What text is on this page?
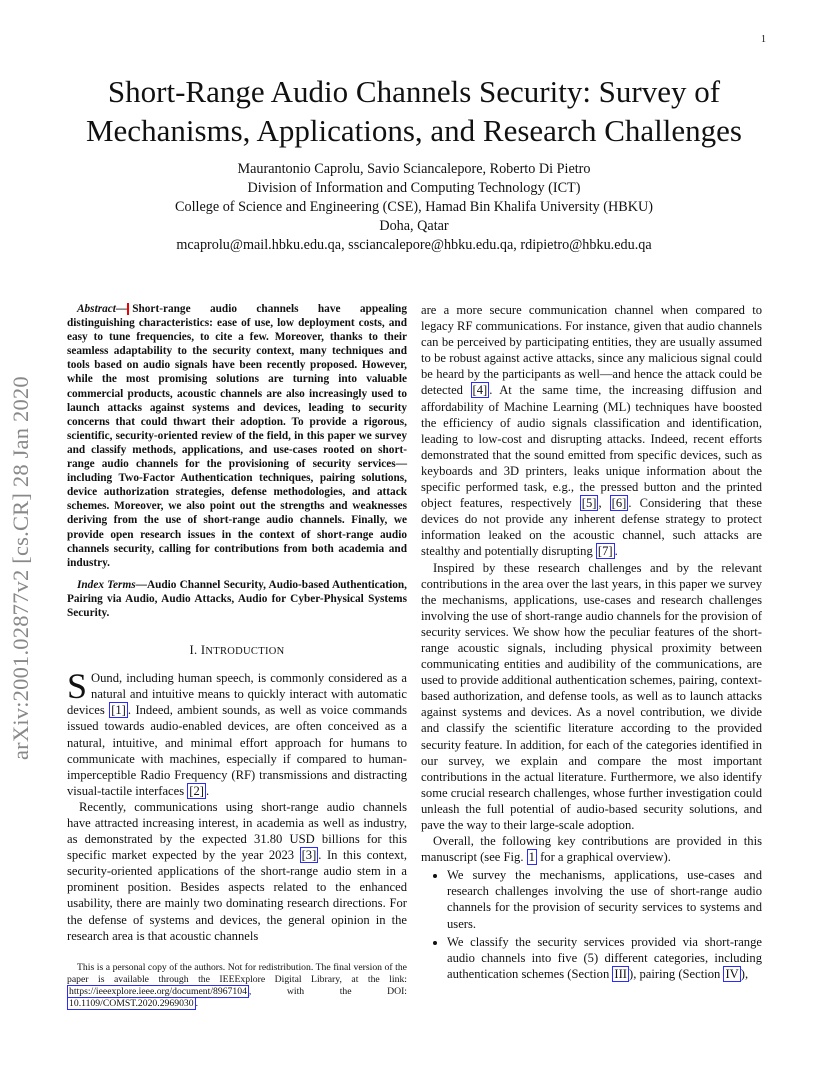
1
arXiv:2001.02877v2 [cs.CR] 28 Jan 2020
Short-Range Audio Channels Security: Survey of Mechanisms, Applications, and Research Challenges
Maurantonio Caprolu, Savio Sciancalepore, Roberto Di Pietro
Division of Information and Computing Technology (ICT)
College of Science and Engineering (CSE), Hamad Bin Khalifa University (HBKU)
Doha, Qatar
mcaprolu@mail.hbku.edu.qa, ssciancalepore@hbku.edu.qa, rdipietro@hbku.edu.qa

Abstract— Short-range audio channels have appealing distinguishing characteristics: ease of use, low deployment costs, and easy to tune frequencies, to cite a few. Moreover, thanks to their seamless adaptability to the security context, many techniques and tools based on audio signals have been recently proposed. However, while the most promising solutions are turning into valuable commercial products, acoustic channels are also increasingly used to launch attacks against systems and devices, leading to security concerns that could thwart their adoption. To provide a rigorous, scientific, security-oriented review of the field, in this paper we survey and classify methods, applications, and use-cases rooted on short-range audio channels for the provisioning of security services—including Two-Factor Authentication techniques, pairing solutions, device authorization strategies, defense methodologies, and attack schemes. Moreover, we also point out the strengths and weaknesses deriving from the use of short-range audio channels. Finally, we provide open research issues in the context of short-range audio channels security, calling for contributions from both academia and industry.

Index Terms—Audio Channel Security, Audio-based Authentication, Pairing via Audio, Audio Attacks, Audio for Cyber-Physical Systems Security.

I. INTRODUCTION

S Ound, including human speech, is commonly considered as a natural and intuitive means to quickly interact with automatic devices [1] . Indeed, ambient sounds, as well as voice commands issued towards audio-enabled devices, are often conceived as a natural, intuitive, and minimal effort approach for humans to communicate with machines, especially if compared to human-imperceptible Radio Frequency (RF) transmissions and distracting visual-tactile interfaces [2] .

Recently, communications using short-range audio channels have attracted increasing interest, in academia as well as industry, as demonstrated by the expected 31.80 USD billions for this specific market expected by the year 2023 [3] . In this context, security-oriented applications of the short-range audio stem in a prominent position. Besides aspects related to the enhanced usability, there are mainly two dominating research directions. For the defense of systems and devices, the general opinion in the research area is that acoustic channels

This is a personal copy of the authors. Not for redistribution. The final version of the paper is available through the IEEExplore Digital Library, at the link: https://ieeexplore.ieee.org/document/8967104 , with the DOI: 10.1109/COMST.2020.2969030 .

are a more secure communication channel when compared to legacy RF communications. For instance, given that audio channels can be perceived by participating entities, they are usually assumed to be robust against active attacks, since any malicious signal could be heard by the participants as well—and hence the attack could be detected [4] . At the same time, the increasing diffusion and affordability of Machine Learning (ML) techniques have boosted the efficiency of audio signals classification and identification, leading to low-cost and disrupting attacks. Indeed, recent efforts demonstrated that the sound emitted from specific devices, such as keyboards and 3D printers, leaks unique information about the specific performed task, e.g., the pressed button and the printed object features, respectively [5] , [6] . Considering that these devices do not provide any inherent defense strategy to protect information leaked on the acoustic channel, such attacks are stealthy and potentially disrupting [7] .

Inspired by these research challenges and by the relevant contributions in the area over the last years, in this paper we survey the mechanisms, applications, use-cases and research challenges involving the use of short-range audio channels for the provision of security services. We show how the peculiar features of the short-range acoustic signals, including physical proximity between communicating entities and audibility of the communications, are used to provide additional authentication schemes, pairing, context-based authorization, and defense tools, as well as to launch attacks against systems and devices. As a novel contribution, we divide and classify the scientific literature according to the provided security feature. In addition, for each of the categories identified in our survey, we explain and compare the most important contributions in the actual literature. Furthermore, we also identify some crucial research challenges, whose further investigation could unleash the full potential of audio-based security solutions, and pave the way to their large-scale adoption.

Overall, the following key contributions are provided in this manuscript (see Fig. 1 for a graphical overview).

• We survey the mechanisms, applications, use-cases and research challenges involving the use of short-range audio channels for the provision of security services to systems and users.
• We classify the security services provided via short-range audio channels into five (5) different categories, including authentication schemes (Section III ), pairing (Section IV ),
